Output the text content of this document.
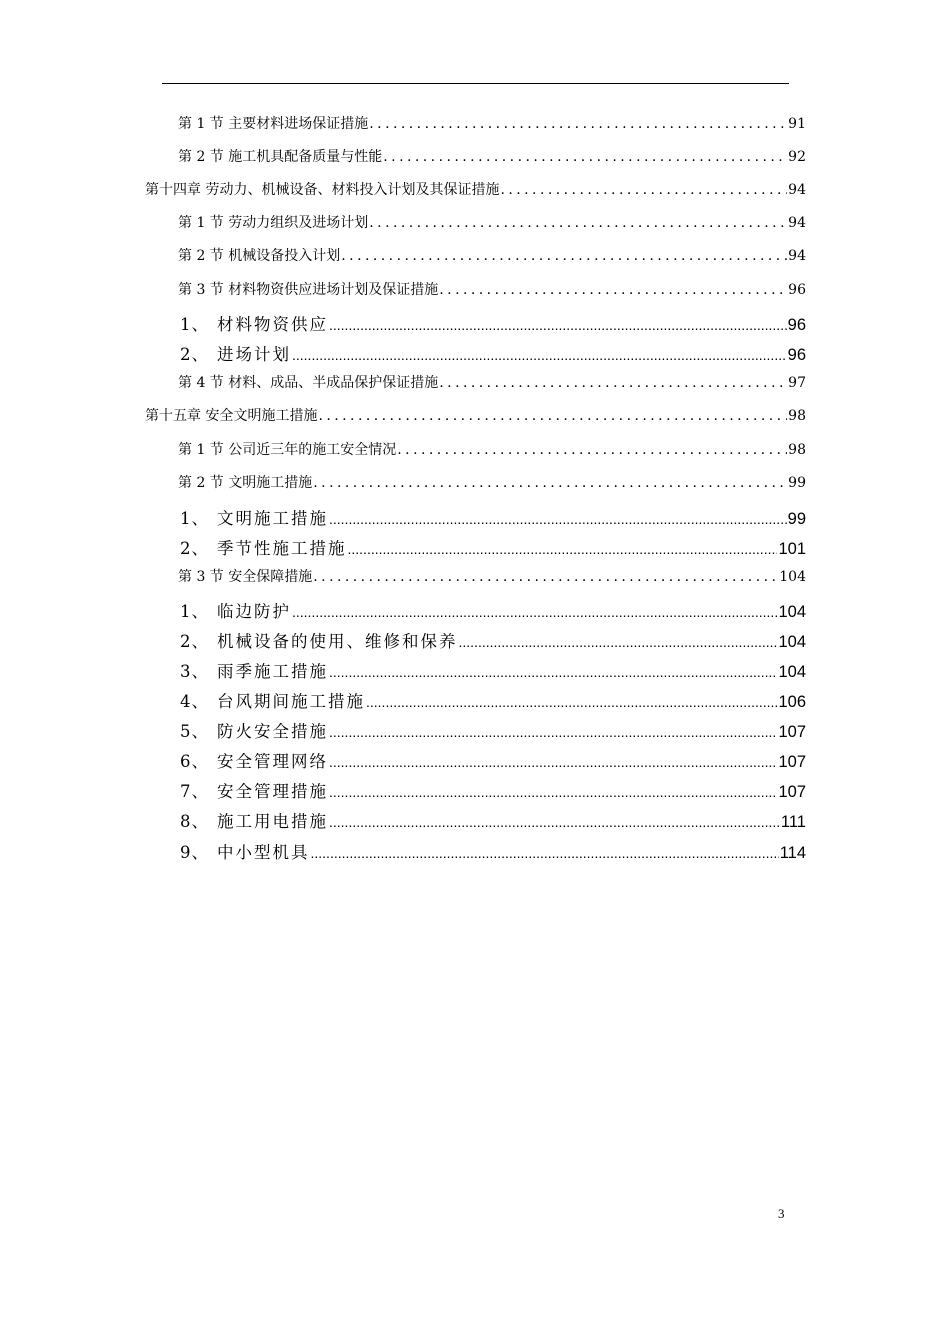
第 1 节 主要材料进场保证措施 . . .	91
第 2 节 施工机具配备质量与性能 . . .	92
第十四章 劳动力、机械设备、材料投入计划及其保证措施 . . .	94
第 1 节 劳动力组织及进场计划 . . .	94
第 2 节 机械设备投入计划 . . .	94
第 3 节 材料物资供应进场计划及保证措施 . . .	96
1、 材料物资供应 .....	96
2、 进场计划 .....	96
第 4 节 材料、成品、半成品保护保证措施 . . .	97
第十五章 安全文明施工措施 . . .	98
第 1 节 公司近三年的施工安全情况 . . .	98
第 2 节 文明施工措施 . . .	99
1、 文明施工措施 .....	99
2、 季节性施工措施 .....	101
第 3 节 安全保障措施 . . .	104
1、 临边防护 .....	104
2、 机械设备的使用、维修和保养 .....	104
3、 雨季施工措施 .....	104
4、 台风期间施工措施 .....	106
5、 防火安全措施 .....	107
6、 安全管理网络 .....	107
7、 安全管理措施 .....	107
8、 施工用电措施 .....	111
9、 中小型机具 .....	114
3
